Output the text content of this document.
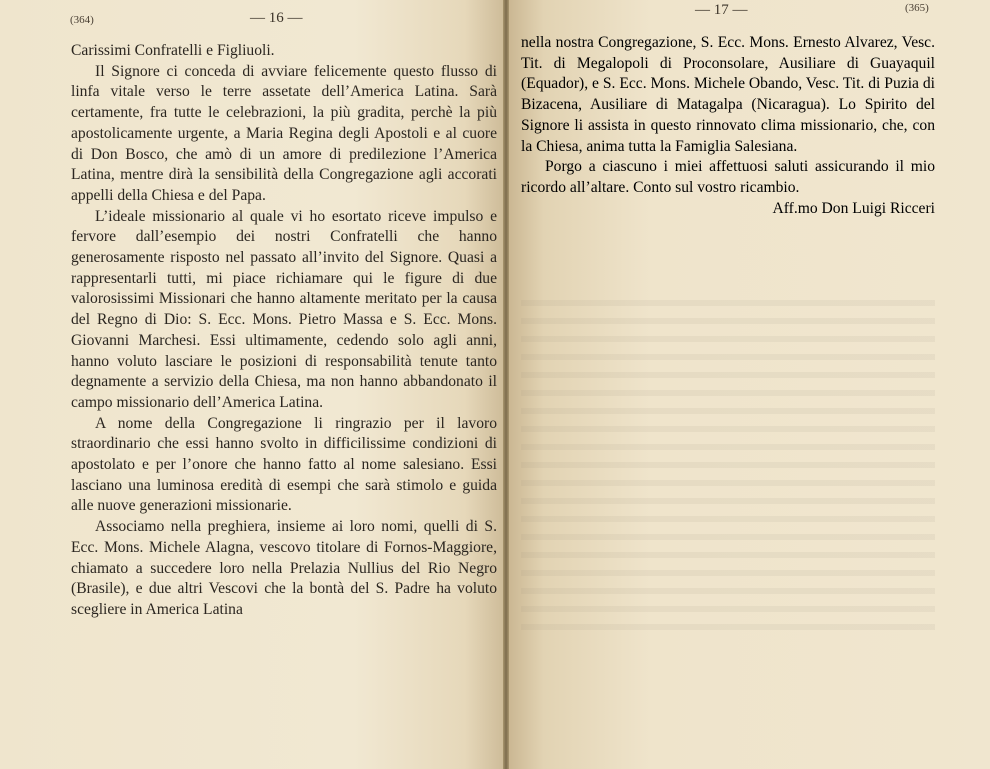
(364)	— 16 —

Carissimi Confratelli e Figliuoli.

Il Signore ci conceda di avviare felicemente questo flusso di linfa vitale verso le terre assetate dell’America Latina. Sarà certamente, fra tutte le celebrazioni, la più gradita, perchè la più apostolicamente urgente, a Maria Regina degli Apostoli e al cuore di Don Bosco, che amò di un amore di predilezione l’America Latina, mentre dirà la sensibilità della Congregazione agli accorati appelli della Chiesa e del Papa.

L’ideale missionario al quale vi ho esortato riceve impulso e fervore dall’esempio dei nostri Confratelli che hanno generosamente risposto nel passato all’invito del Signore. Quasi a rappresentarli tutti, mi piace richiamare qui le figure di due valorosissimi Missionari che hanno altamente meritato per la causa del Regno di Dio: S. Ecc. Mons. Pietro Massa e S. Ecc. Mons. Giovanni Marchesi. Essi ultimamente, cedendo solo agli anni, hanno voluto lasciare le posizioni di responsabilità tenute tanto degnamente a servizio della Chiesa, ma non hanno abbandonato il campo missionario dell’America Latina.

A nome della Congregazione li ringrazio per il lavoro straordinario che essi hanno svolto in difficilissime condizioni di apostolato e per l’onore che hanno fatto al nome salesiano. Essi lasciano una luminosa eredità di esempi che sarà stimolo e guida alle nuove generazioni missionarie.

Associamo nella preghiera, insieme ai loro nomi, quelli di S. Ecc. Mons. Michele Alagna, vescovo titolare di Fornos-Maggiore, chiamato a succedere loro nella Prelazia Nullius del Rio Negro (Brasile), e due altri Vescovi che la bontà del S. Padre ha voluto scegliere in America Latina

— 17 —	(365)

nella nostra Congregazione, S. Ecc. Mons. Ernesto Alvarez, Vesc. Tit. di Megalopoli di Proconsolare, Ausiliare di Guayaquil (Equador), e S. Ecc. Mons. Michele Obando, Vesc. Tit. di Puzia di Bizacena, Ausiliare di Matagalpa (Nicaragua). Lo Spirito del Signore li assista in questo rinnovato clima missionario, che, con la Chiesa, anima tutta la Famiglia Salesiana.

Porgo a ciascuno i miei affettuosi saluti assicurando il mio ricordo all’altare. Conto sul vostro ricambio.

Aff.mo Don Luigi Ricceri
